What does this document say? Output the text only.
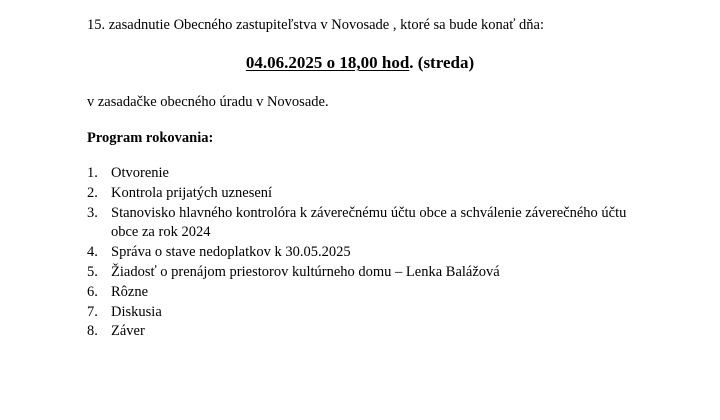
15. zasadnutie Obecného zastupiteľstva v Novosade , ktoré sa bude konať dňa:
04.06.2025 o 18,00 hod. (streda)
v zasadačke obecného úradu v Novosade.
Program rokovania:
1. Otvorenie
2. Kontrola prijatých uznesení
3. Stanovisko hlavného kontrolóra k záverečnému účtu obce a schválenie záverečného účtu
obce za rok 2024
4. Správa o stave nedoplatkov k 30.05.2025
5. Žiadosť o prenájom priestorov kultúrneho domu – Lenka Balážová
6. Rôzne
7. Diskusia
8. Záver
